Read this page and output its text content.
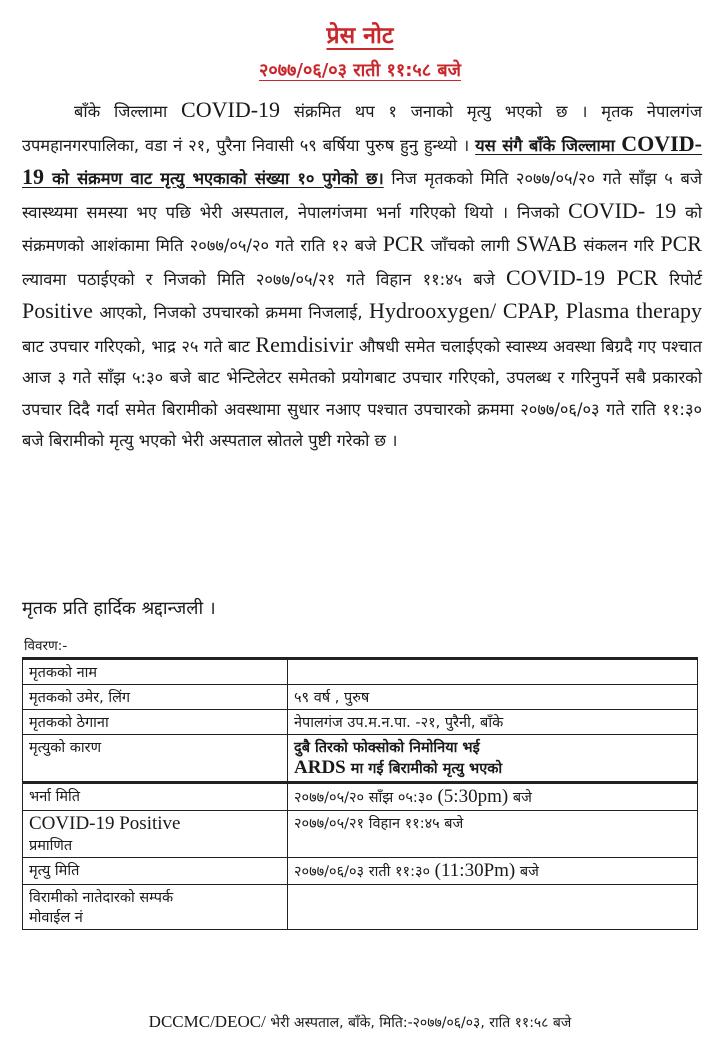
प्रेस नोट
२०७७/०६/०३ राती ११:५८ बजे
बाँके जिल्लामा COVID-19 संक्रमित थप १ जनाको मृत्यु भएको छ । मृतक नेपालगंज उपमहानगरपालिका, वडा नं २१, पुरैना निवासी ५९ बर्षिया पुरुष हुनु हुन्थ्यो । यस संगै बाँके जिल्लामा COVID- 19 को संक्रमण वाट मृत्यु भएकाको संख्या १० पुगेको छ। निज मृतकको मिति २०७७/०५/२० गते साँझ ५ बजे स्वास्थ्यमा समस्या भए पछि भेरी अस्पताल, नेपालगंजमा भर्ना गरिएको थियो । निजको COVID- 19 को संक्रमणको आशंकामा मिति २०७७/०५/२० गते राति १२ बजे PCR जाँचको लागी SWAB संकलन गरि PCR ल्यावमा पठाईएको र निजको मिति २०७७/०५/२१ गते विहान ११:४५ बजे COVID-19 PCR रिपोर्ट Positive आएको, निजको उपचारको क्रममा निजलाई, Hydrooxygen/ CPAP, Plasma therapy बाट उपचार गरिएको, भाद्र २५ गते बाट Remdisivir औषधी समेत चलाईएको स्वास्थ्य अवस्था बिग्रदै गए पश्चात आज ३ गते साँझ ५:३० बजे बाट भेन्टिलेटर समेतको प्रयोगबाट उपचार गरिएको, उपलब्ध र गरिनुपर्ने सबै प्रकारको उपचार दिदै गर्दा समेत बिरामीको अवस्थामा सुधार नआए पश्चात उपचारको क्रममा २०७७/०६/०३ गते राति ११:३० बजे बिरामीको मृत्यु भएको भेरी अस्पताल स्रोतले पुष्टी गरेको छ ।
मृतक प्रति हार्दिक श्रद्दान्जली ।
विवरण:-
मृतकको नाम	
मृतकको उमेर, लिंग	५९ वर्ष , पुरुष
मृतकको ठेगाना	नेपालगंज उप.म.न.पा. -२१, पुरैनी, बाँके
मृत्युको कारण	दुबै तिरको फोक्सोको निमोनिया भई
ARDS मा गई बिरामीको मृत्यु भएको

भर्ना मिति	२०७७/०५/२० साँझ ०५:३० (5:30pm) बजे

COVID-19 Positive
प्रमाणित	२०७७/०५/२१ विहान ११:४५ बजे
मृत्यु मिति	२०७७/०६/०३ राती ११:३० (11:30Pm) बजे

विरामीको नातेदारको सम्पर्क
मोवाईल नं	

DCCMC/DEOC/ भेरी अस्पताल, बाँके, मिति:-२०७७/०६/०३, राति ११:५८ बजे
